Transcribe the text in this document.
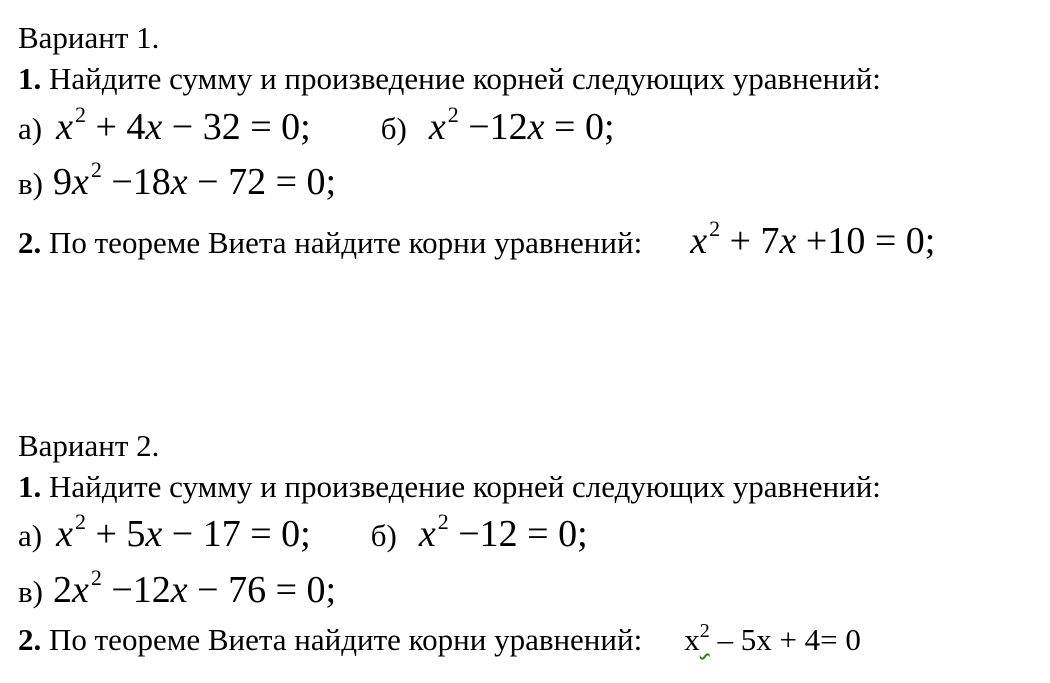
Вариант 1.
1. Найдите сумму и произведение корней следующих уравнений:
а) $x^2 + 4x - 32 = 0$; б) $x^2 -12x = 0$;
в) $9x^2 -18x - 72 = 0$;
2. По теореме Виета найдите корни уравнений: $x^2 + 7x +10 = 0$;
Вариант 2.
1. Найдите сумму и произведение корней следующих уравнений:
а) $x^2 + 5x - 17 = 0$; б) $x^2 -12 = 0$;
в) $2x^2 -12x - 76 = 0$;
2. По теореме Виета найдите корни уравнений: $x^2 - 5x + 4= 0$
